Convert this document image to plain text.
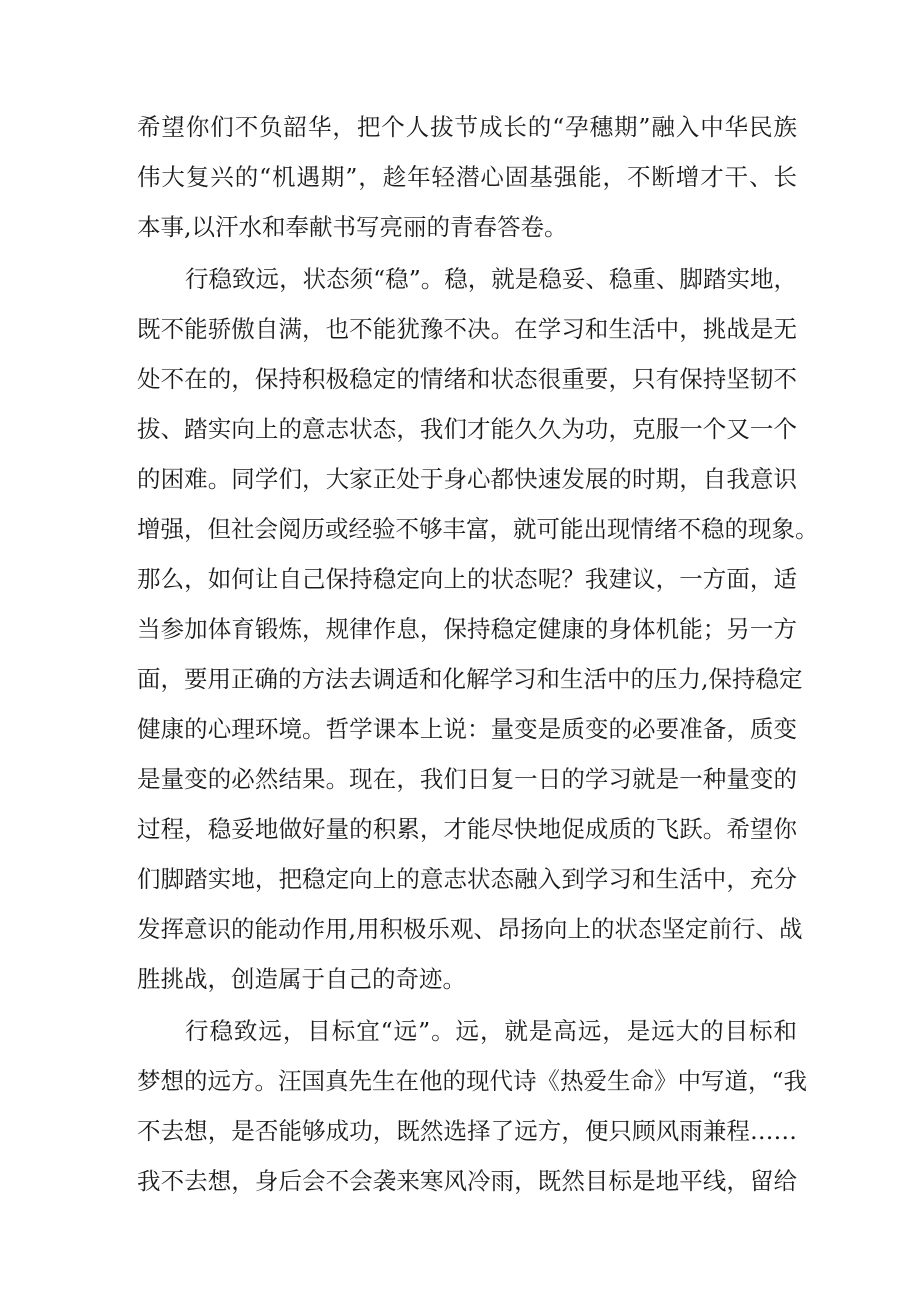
希望你们不负韶华，把个人拔节成长的“孕穗期”融入中华民族
伟大复兴的“机遇期”，趁年轻潜心固基强能，不断增才干、长
本事,以汗水和奉献书写亮丽的青春答卷。
行稳致远，状态须“稳”。稳，就是稳妥、稳重、脚踏实地，
既不能骄傲自满，也不能犹豫不决。在学习和生活中，挑战是无
处不在的，保持积极稳定的情绪和状态很重要，只有保持坚韧不
拔、踏实向上的意志状态，我们才能久久为功，克服一个又一个
的困难。同学们，大家正处于身心都快速发展的时期，自我意识
增强，但社会阅历或经验不够丰富，就可能出现情绪不稳的现象。
那么，如何让自己保持稳定向上的状态呢？我建议，一方面，适
当参加体育锻炼，规律作息，保持稳定健康的身体机能；另一方
面，要用正确的方法去调适和化解学习和生活中的压力,保持稳定
健康的心理环境。哲学课本上说：量变是质变的必要准备，质变
是量变的必然结果。现在，我们日复一日的学习就是一种量变的
过程，稳妥地做好量的积累，才能尽快地促成质的飞跃。希望你
们脚踏实地，把稳定向上的意志状态融入到学习和生活中，充分
发挥意识的能动作用,用积极乐观、昂扬向上的状态坚定前行、战
胜挑战，创造属于自己的奇迹。
行稳致远，目标宜“远”。远，就是高远，是远大的目标和
梦想的远方。汪国真先生在他的现代诗《热爱生命》中写道，“我
不去想，是否能够成功，既然选择了远方，便只顾风雨兼程……
我不去想，身后会不会袭来寒风冷雨，既然目标是地平线，留给
